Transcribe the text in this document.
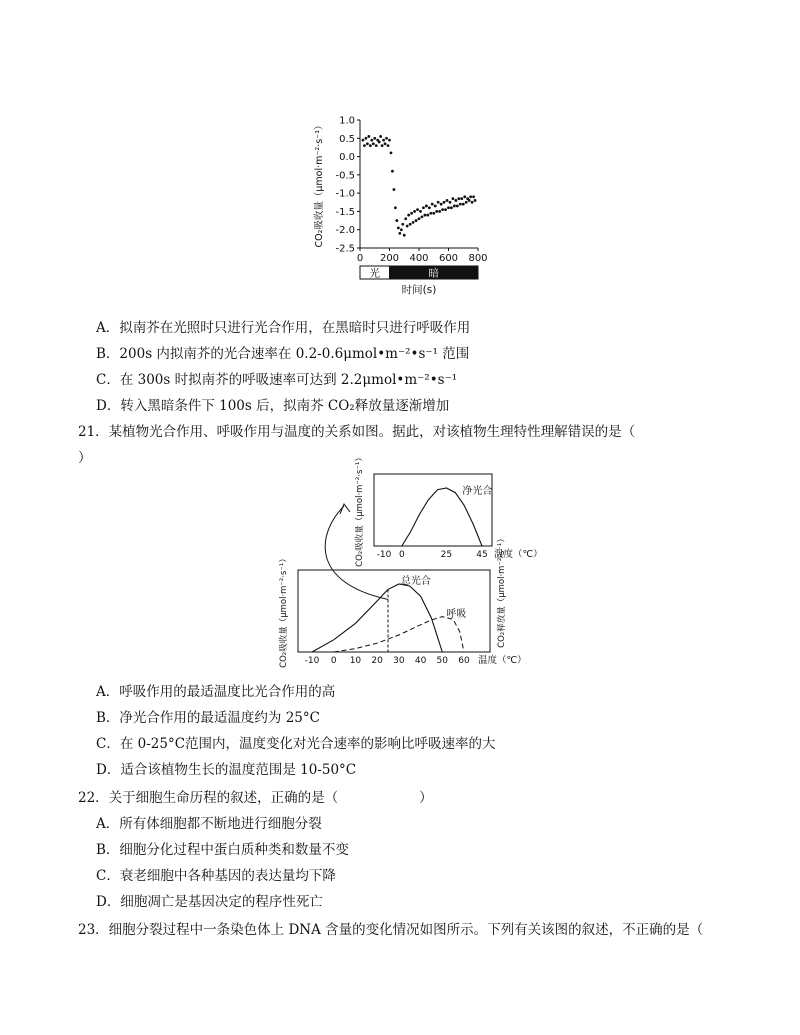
1.0
0.5
0.0
-0.5
-1.0
-1.5
-2.0
-2.5
0 200 400 600 800
CO₂吸收量（μmol·m⁻²·s⁻¹）
光	暗
时间(s)
A．拟南芥在光照时只进行光合作用，在黑暗时只进行呼吸作用
B．200s 内拟南芥的光合速率在 0.2-0.6μmol•m⁻²•s⁻¹ 范围
C．在 300s 时拟南芥的呼吸速率可达到 2.2μmol•m⁻²•s⁻¹
D．转入黑暗条件下 100s 后，拟南芥 CO₂释放量逐渐增加
21．某植物光合作用、呼吸作用与温度的关系如图。据此，对该植物生理特性理解错误的是（
）
-10 0	25	45 温度（℃）
CO₂吸收量（μmol·m⁻²·s⁻¹）	净光合
-10 0 10 20 30 40 50 60 温度（℃）
CO₂吸收量（μmol·m⁻²·s⁻¹）	CO₂释放量（μmol·m⁻²·s⁻¹）
总光合
呼吸
A．呼吸作用的最适温度比光合作用的高
B．净光合作用的最适温度约为 25°C
C．在 0-25°C范围内，温度变化对光合速率的影响比呼吸速率的大
D．适合该植物生长的温度范围是 10-50°C
22．关于细胞生命历程的叙述，正确的是（　　　　　　）
A．所有体细胞都不断地进行细胞分裂
B．细胞分化过程中蛋白质种类和数量不变
C．衰老细胞中各种基因的表达量均下降
D．细胞凋亡是基因决定的程序性死亡
23．细胞分裂过程中一条染色体上 DNA 含量的变化情况如图所示。下列有关该图的叙述，不正确的是（
